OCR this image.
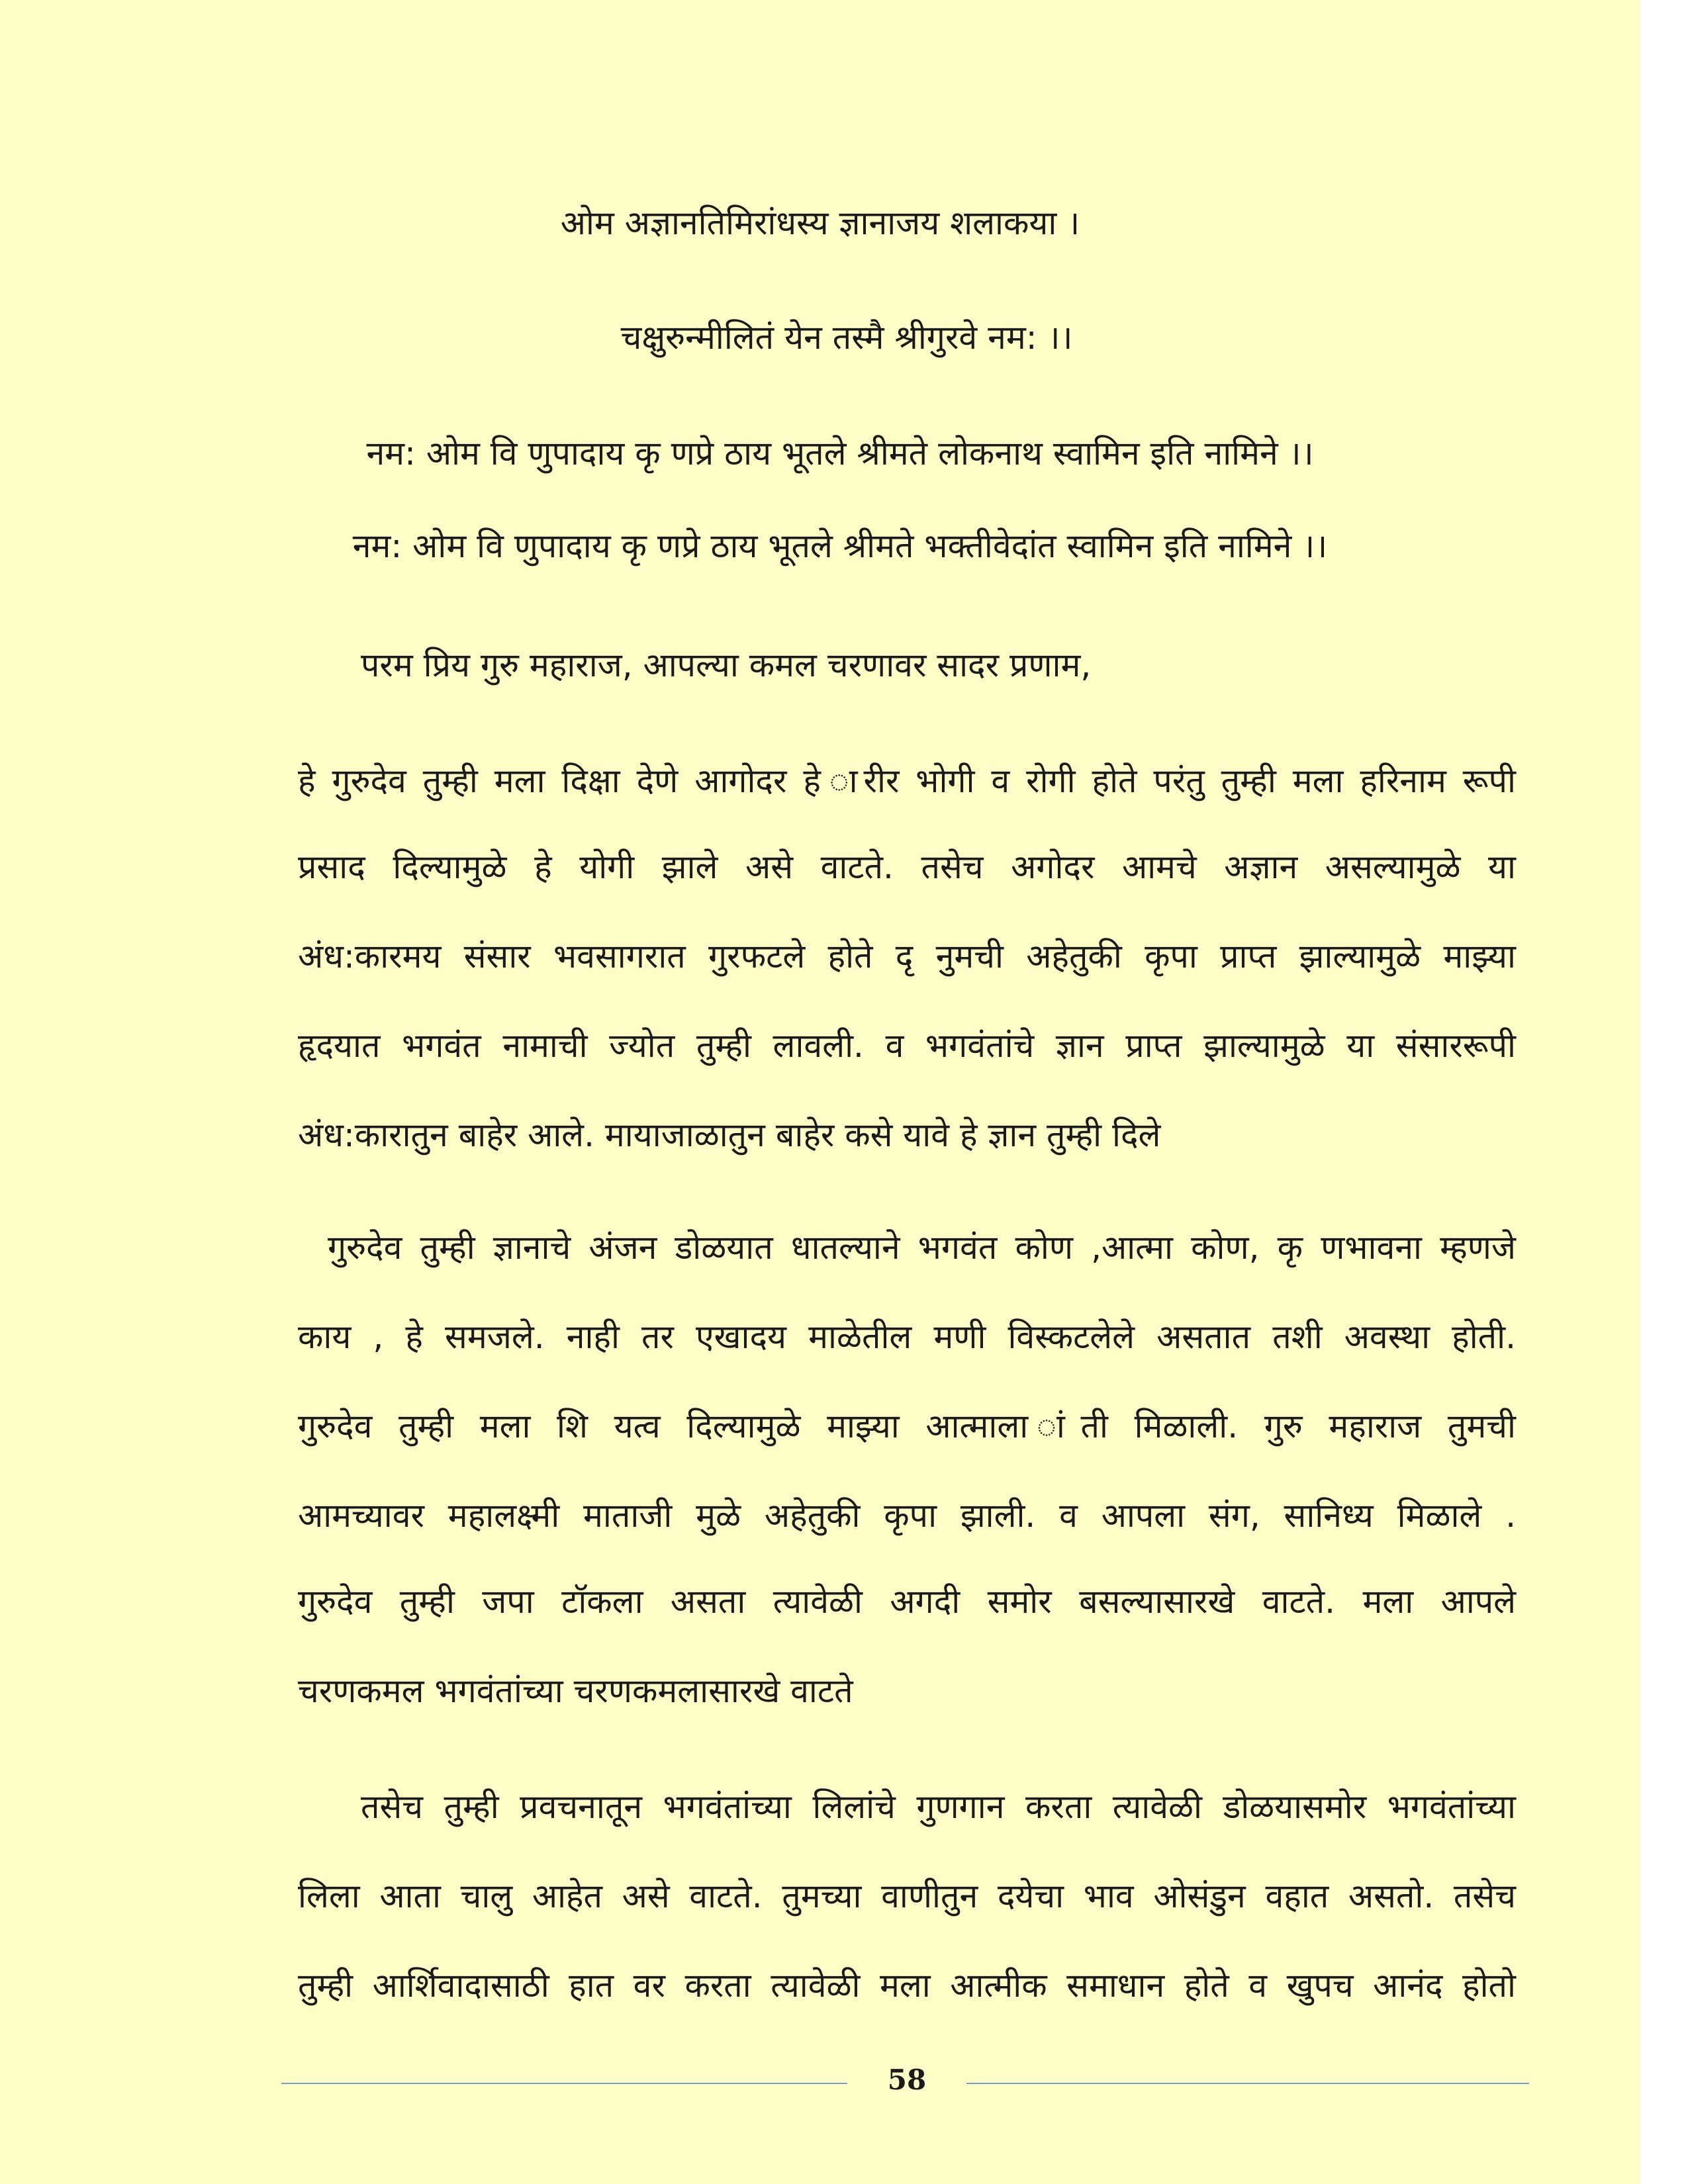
ओम अज्ञानतिमिरांधस्य ज्ञानाजय शलाकया ।
चक्षुरुन्मीलितं येन तस्मै श्रीगुरवे नम: ।।
नम: ओम वि णुपादाय कृ णप्रे ठाय भूतले श्रीमते लोकनाथ स्वामिन इति नामिने ।।
नम: ओम वि णुपादाय कृ णप्रे ठाय भूतले श्रीमते भक्तीवेदांत स्वामिन इति नामिने ।।
परम प्रिय गुरु महाराज, आपल्या कमल चरणावर सादर प्रणाम,
हे गुरुदेव तुम्ही मला दिक्षा देणे आगोदर हे ारीर भोगी व रोगी होते परंतु तुम्ही मला हरिनाम रूपी
प्रसाद दिल्यामुळे हे योगी झाले असे वाटते. तसेच अगोदर आमचे अज्ञान असल्यामुळे या
अंध:कारमय संसार भवसागरात गुरफटले होते दृ नुमची अहेतुकी कृपा प्राप्त झाल्यामुळे माझ्या
हृदयात भगवंत नामाची ज्योत तुम्ही लावली. व भगवंतांचे ज्ञान प्राप्त झाल्यामुळे या संसाररूपी
अंध:कारातुन बाहेर आले. मायाजाळातुन बाहेर कसे यावे हे ज्ञान तुम्ही दिले
गुरुदेव तुम्ही ज्ञानाचे अंजन डोळयात धातल्याने भगवंत कोण ,आत्मा कोण, कृ णभावना म्हणजे
काय , हे समजले. नाही तर एखादय माळेतील मणी विस्कटलेले असतात तशी अवस्था होती.
गुरुदेव तुम्ही मला शि यत्व दिल्यामुळे माझ्या आत्माला ांती मिळाली. गुरु महाराज तुमची
आमच्यावर महालक्ष्मी माताजी मुळे अहेतुकी कृपा झाली. व आपला संग, सानिध्य मिळाले .
गुरुदेव तुम्ही जपा टॉकला असता त्यावेळी अगदी समोर बसल्यासारखे वाटते. मला आपले
चरणकमल भगवंतांच्या चरणकमलासारखे वाटते
तसेच तुम्ही प्रवचनातून भगवंतांच्या लिलांचे गुणगान करता त्यावेळी डोळयासमोर भगवंतांच्या
लिला आता चालु आहेत असे वाटते. तुमच्या वाणीतुन दयेचा भाव ओसंडुन वहात असतो. तसेच
तुम्ही आर्शिवादासाठी हात वर करता त्यावेळी मला आत्मीक समाधान होते व खुपच आनंद होतो
58
